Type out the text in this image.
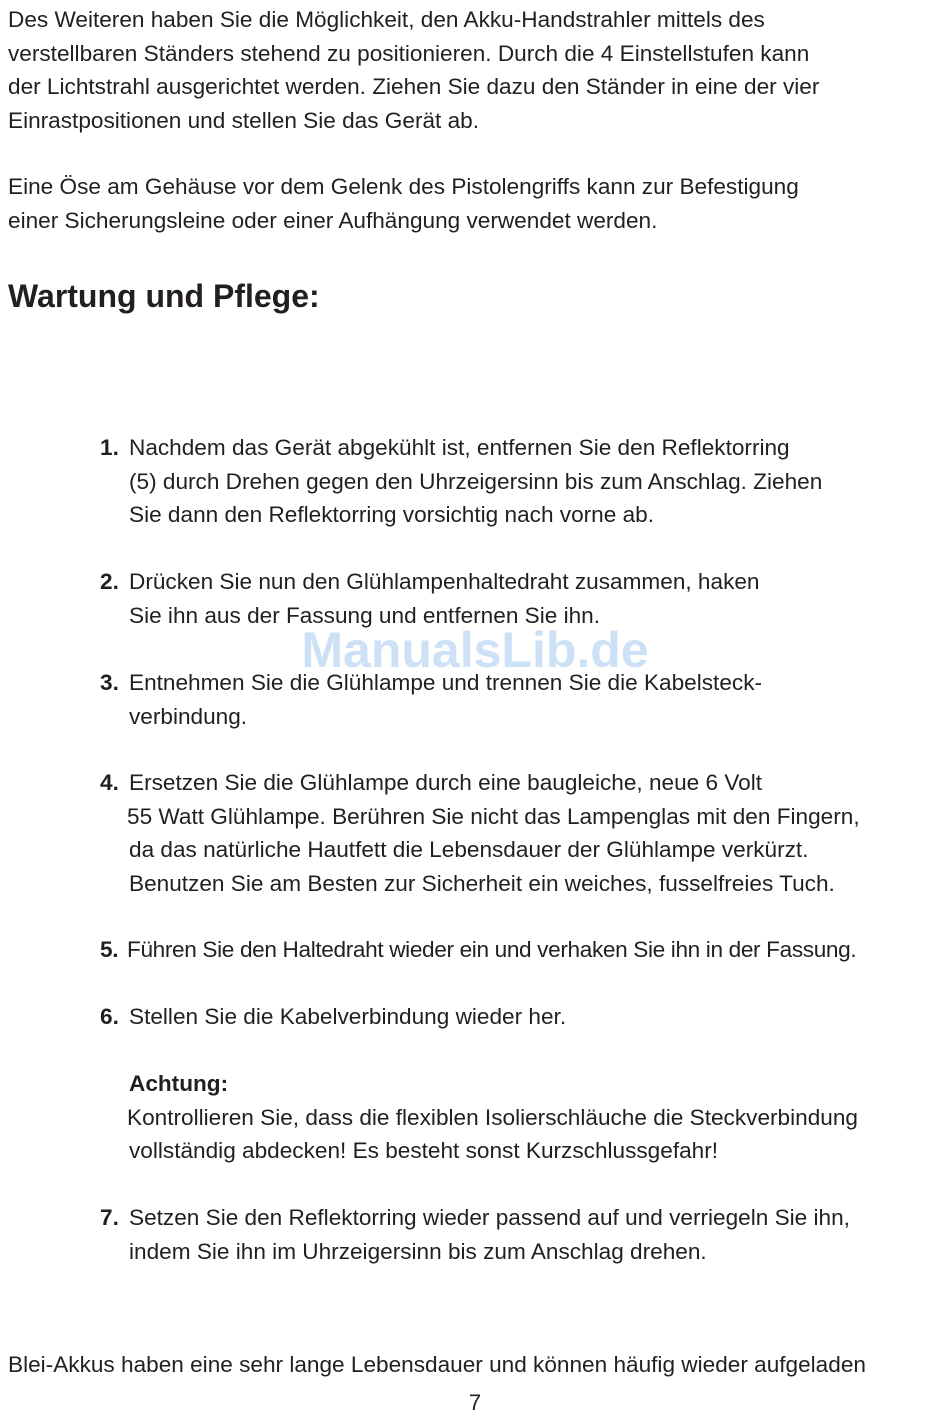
Des Weiteren haben Sie die Möglichkeit, den Akku-Handstrahler mittels des
verstellbaren Ständers stehend zu positionieren. Durch die 4 Einstellstufen kann
der Lichtstrahl ausgerichtet werden. Ziehen Sie dazu den Ständer in eine der vier
Einrastpositionen und stellen Sie das Gerät ab.
Eine Öse am Gehäuse vor dem Gelenk des Pistolengriffs kann zur Befestigung
einer Sicherungsleine oder einer Aufhängung verwendet werden.
Wartung und Pflege:
1. Nachdem das Gerät abgekühlt ist, entfernen Sie den Reflektorring
(5) durch Drehen gegen den Uhrzeigersinn bis zum Anschlag. Ziehen
Sie dann den Reflektorring vorsichtig nach vorne ab.
2. Drücken Sie nun den Glühlampenhaltedraht zusammen, haken
Sie ihn aus der Fassung und entfernen Sie ihn.
3. Entnehmen Sie die Glühlampe und trennen Sie die Kabelsteck-
verbindung.
4. Ersetzen Sie die Glühlampe durch eine baugleiche, neue 6 Volt
55 Watt Glühlampe. Berühren Sie nicht das Lampenglas mit den Fingern,
da das natürliche Hautfett die Lebensdauer der Glühlampe verkürzt.
Benutzen Sie am Besten zur Sicherheit ein weiches, fusselfreies Tuch.
5. Führen Sie den Haltedraht wieder ein und verhaken Sie ihn in der Fassung.
6. Stellen Sie die Kabelverbindung wieder her.
Achtung:
Kontrollieren Sie, dass die flexiblen Isolierschläuche die Steckverbindung
vollständig abdecken! Es besteht sonst Kurzschlussgefahr!
7. Setzen Sie den Reflektorring wieder passend auf und verriegeln Sie ihn,
indem Sie ihn im Uhrzeigersinn bis zum Anschlag drehen.
Blei-Akkus haben eine sehr lange Lebensdauer und können häufig wieder aufgeladen
ManualsLib.de
7
